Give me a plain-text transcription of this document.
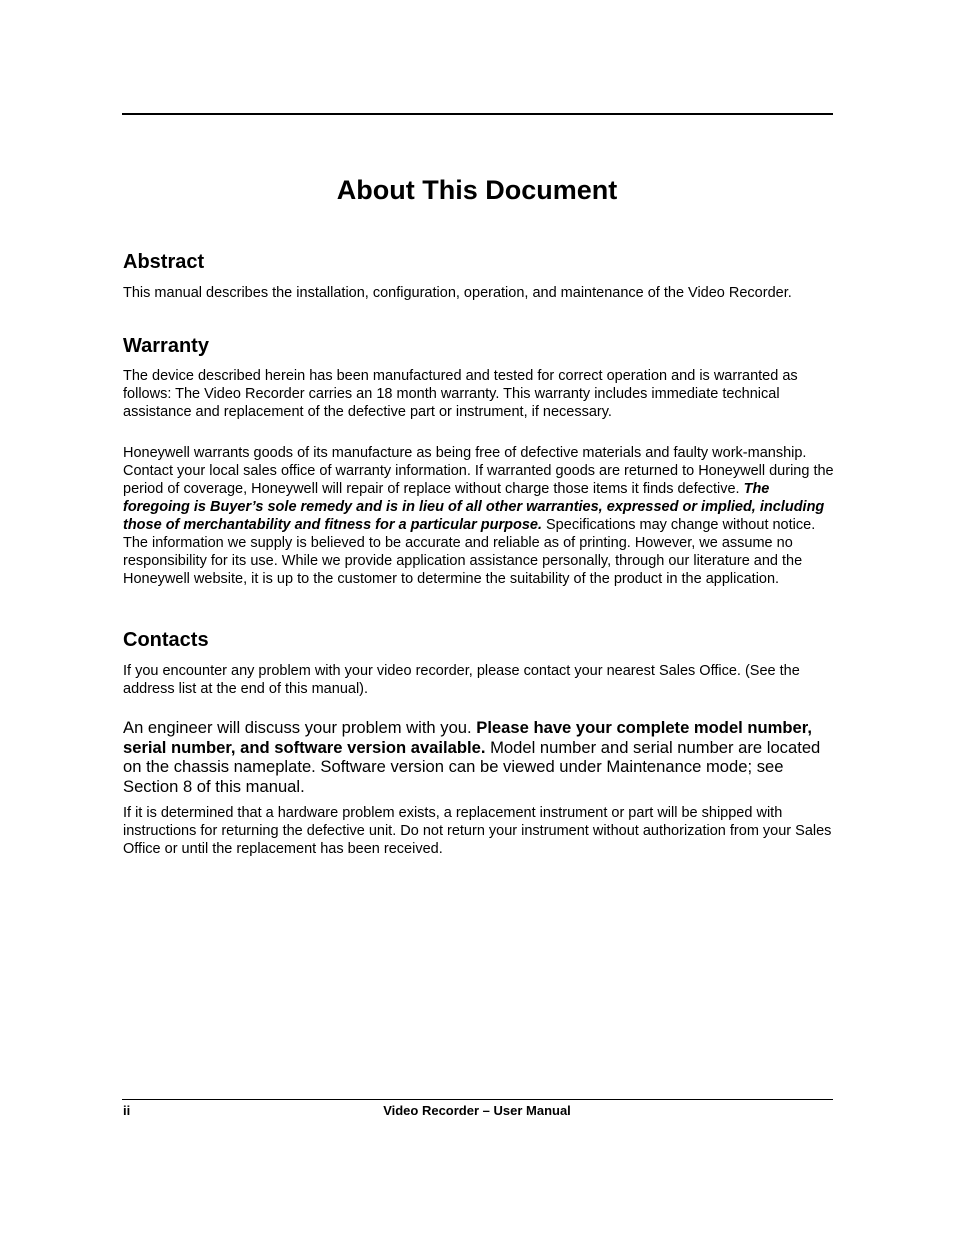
About This Document
Abstract

This manual describes the installation, configuration, operation, and maintenance of the Video Recorder.

Warranty

The device described herein has been manufactured and tested for correct operation and is warranted as follows: The Video Recorder carries an 18 month warranty. This warranty includes immediate technical assistance and replacement of the defective part or instrument, if necessary.

Honeywell warrants goods of its manufacture as being free of defective materials and faulty work-manship. Contact your local sales office of warranty information. If warranted goods are returned to Honeywell during the period of coverage, Honeywell will repair of replace without charge those items it finds defective. The foregoing is Buyer’s sole remedy and is in lieu of all other warranties, expressed or implied, including those of merchantability and fitness for a particular purpose. Specifications may change without notice. The information we supply is believed to be accurate and reliable as of printing. However, we assume no responsibility for its use. While we provide application assistance personally, through our literature and the Honeywell website, it is up to the customer to determine the suitability of the product in the application.

Contacts

If you encounter any problem with your video recorder, please contact your nearest Sales Office. (See the address list at the end of this manual).

An engineer will discuss your problem with you. Please have your complete model number, serial number, and software version available. Model number and serial number are located on the chassis nameplate. Software version can be viewed under Maintenance mode; see Section 8 of this manual.

If it is determined that a hardware problem exists, a replacement instrument or part will be shipped with instructions for returning the defective unit. Do not return your instrument without authorization from your Sales Office or until the replacement has been received.

ii	Video Recorder – User Manual
